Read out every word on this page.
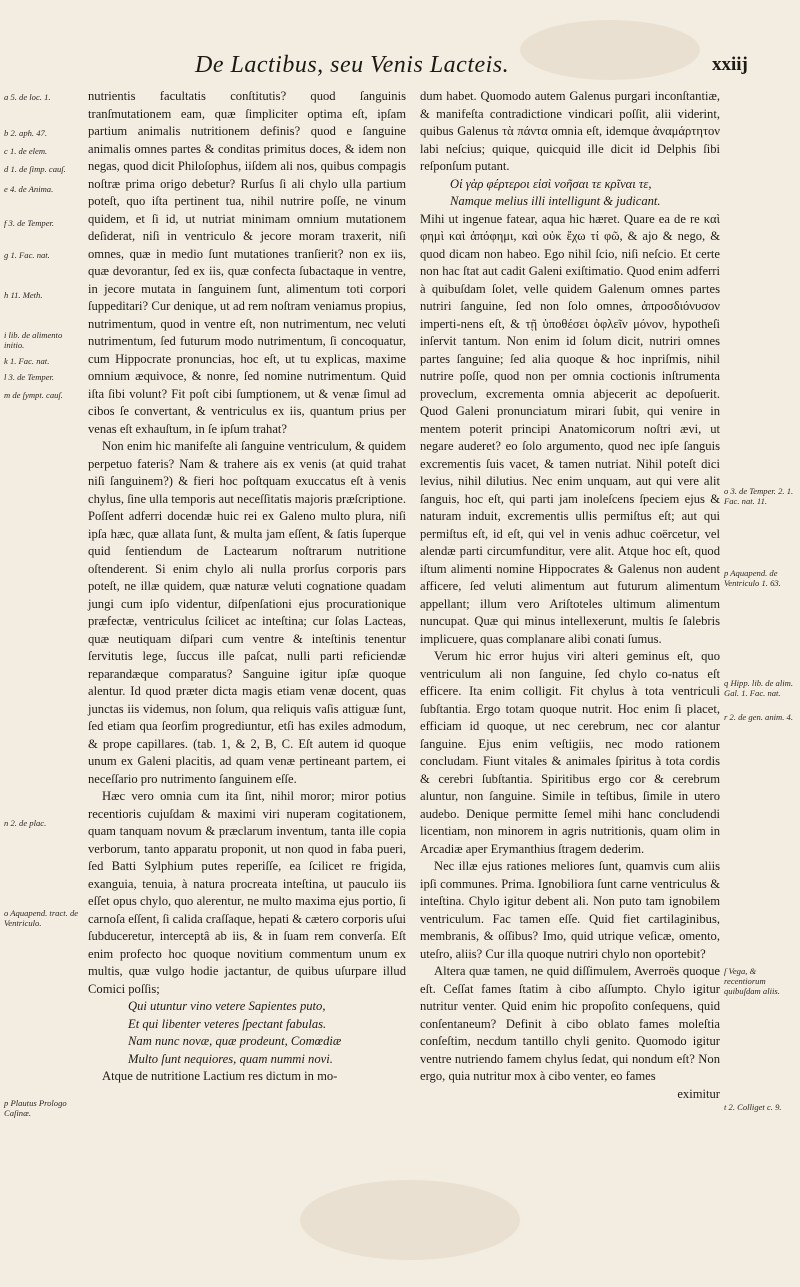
De Lactibus, seu Venis Lacteis.	xxiij
a 5. de loc. 1.
b 2. aph. 47.
c 1. de elem.
d 1. de ſimp. cauſ.
e 4. de Anima.
f 3. de Temper.
g 1. Fac. nat.
h 11. Meth.
i lib. de alimento initio.
k 1. Fac. nat.
l 3. de Temper.
m de ſympt. cauſ.
n 2. de plac.
o Aquapend. tract. de Ventriculo.
p Plautus Prologo Caſinæ.

nutrientis facultatis conſtitutis? quod ſanguinis tranſmutationem eam, quæ ſimpliciter optima eſt, ipſam partium animalis nutritionem definis? quod e ſanguine animalis omnes partes & conditas primitus doces, & idem non negas, quod dicit Philoſophus, iiſdem ali nos, quibus compagis noſtræ prima origo debetur? Rurſus ſi ali chylo ulla partium poteſt, quo iſta pertinent tua, nihil nutrire poſſe, ne vinum quidem, et ſi id, ut nutriat minimam omnium mutationem deſiderat, niſi in ventriculo & jecore moram traxerit, niſi omnes, quæ in medio ſunt mutationes tranſierit? non ex iis, quæ devorantur, ſed ex iis, quæ confecta ſubactaque in ventre, in jecore mutata in ſanguinem ſunt, alimentum toti corpori ſuppeditari? Cur denique, ut ad rem noſtram veniamus propius, nutrimentum, quod in ventre eſt, non nutrimentum, nec veluti nutrimentum, ſed futurum modo nutrimentum, ſi concoquatur, cum Hippocrate pronuncias, hoc eſt, ut tu explicas, maxime omnium æquivoce, & nonre, ſed nomine nutrimentum. Quid iſta ſibi volunt? Fit poſt cibi ſumptionem, ut & venæ ſimul ad cibos ſe convertant, & ventriculus ex iis, quantum prius per venas eſt exhauſtum, in ſe ipſum trahat?

Non enim hic manifeſte ali ſanguine ventriculum, & quidem perpetuo fateris? Nam & trahere ais ex venis (at quid trahat niſi ſanguinem?) & fieri hoc poſtquam exuccatus eſt à venis chylus, ſine ulla temporis aut neceſſitatis majoris præſcriptione. Poſſent adferri docendæ huic rei ex Galeno multo plura, niſi ipſa hæc, quæ allata ſunt, & multa jam eſſent, & ſatis ſuperque quid ſentiendum de Lactearum noſtrarum nutritione oſtenderent. Si enim chylo ali nulla prorſus corporis pars poteſt, ne illæ quidem, quæ naturæ veluti cognatione quadam jungi cum ipſo videntur, diſpenſationi ejus procurationique præfectæ, ventriculus ſcilicet ac inteſtina; cur ſolas Lacteas, quæ neutiquam diſpari cum ventre & inteſtinis tenentur ſervitutis lege, ſuccus ille paſcat, nulli parti reficiendæ reparandæque comparatus? Sanguine igitur ipſæ quoque alentur. Id quod præter dicta magis etiam venæ docent, quas junctas iis videmus, non ſolum, qua reliquis vaſis attiguæ ſunt, ſed etiam qua ſeorſim progrediuntur, etſi has exiles admodum, & prope capillares. (tab. 1, & 2, B, C. Eſt autem id quoque unum ex Galeni placitis, ad quam venæ pertineant partem, ei neceſſario pro nutrimento ſanguinem eſſe.

Hæc vero omnia cum ita ſint, nihil moror; miror potius recentioris cujuſdam & maximi viri nuperam cogitationem, quam tanquam novum & præclarum inventum, tanta ille copia verborum, tanto apparatu proponit, ut non quod in faba pueri, ſed Batti Sylphium putes reperiſſe, ea ſcilicet re frigida, exanguia, tenuia, à natura procreata inteſtina, ut pauculo iis eſſet opus chylo, quo alerentur, ne multo maxima ejus portio, ſi carnoſa eſſent, ſi calida craſſaque, hepati & cætero corporis uſui ſubduceretur, interceptâ ab iis, & in ſuam rem converſa. Eſt enim profecto hoc quoque novitium commentum unum ex multis, quæ vulgo hodie jactantur, de quibus uſurpare illud Comici poſſis;

Qui utuntur vino vetere Sapientes puto,

Et qui libenter veteres ſpectant fabulas.

Nam nunc novæ, quæ prodeunt, Comœdiæ

Multo ſunt nequiores, quam nummi novi.

Atque de nutritione Lactium res dictum in mo-

dum habet. Quomodo autem Galenus purgari inconſtantiæ, & manifeſta contradictione vindicari poſſit, alii viderint, quibus Galenus τὰ πάντα omnia eſt, idemque ἀναμάρτητον labi neſcius; quique, quicquid ille dicit id Delphis ſibi reſponſum putant.

Οἱ γὰρ φέρτεροι εἰσὶ νοῆσαι τε κρῖναι τε,

Namque melius illi intelligunt & judicant.

Mihi ut ingenue fatear, aqua hic hæret. Quare ea de re καὶ φημὶ καὶ ἀπόφημι, καὶ οὐκ ἔχω τί φῶ, & ajo & nego, & quod dicam non habeo. Ego nihil ſcio, niſi neſcio. Et certe non hac ſtat aut cadit Galeni exiſtimatio. Quod enim adferri à quibuſdam ſolet, velle quidem Galenum omnes partes nutriri ſanguine, ſed non ſolo omnes, ἀπροσδιόνυσον imperti-nens eſt, & τῇ ὑποθέσει ὀφλεῖν μόνον, hypotheſi inſervit tantum. Non enim id ſolum dicit, nutriri omnes partes ſanguine; ſed alia quoque & hoc inpriſmis, nihil nutrire poſſe, quod non per omnia coctionis inſtrumenta proveclum, excrementa omnia abjecerit ac depoſuerit. Quod Galeni pronunciatum mirari ſubit, qui venire in mentem poterit principi Anatomicorum noſtri ævi, ut negare auderet? eo ſolo argumento, quod nec ipſe ſanguis excrementis ſuis vacet, & tamen nutriat. Nihil poteſt dici levius, nihil dilutius. Nec enim unquam, aut qui vere alit ſanguis, hoc eſt, qui parti jam inoleſcens ſpeciem ejus & naturam induit, excrementis ullis permiſtus eſt; aut qui permiſtus eſt, id eſt, qui vel in venis adhuc coërcetur, vel alendæ parti circumfunditur, vere alit. Atque hoc eſt, quod iſtum alimenti nomine Hippocrates & Galenus non audent afficere, ſed veluti alimentum aut futurum alimentum appellant; illum vero Ariſtoteles ultimum alimentum nuncupat. Quæ qui minus intellexerunt, multis ſe ſalebris implicuere, quas complanare alibi conati ſumus.

Verum hic error hujus viri alteri geminus eſt, quo ventriculum ali non ſanguine, ſed chylo co-natus eſt efficere. Ita enim colligit. Fit chylus à tota ventriculi ſubſtantia. Ergo totam quoque nutrit. Hoc enim ſi placet, efficiam id quoque, ut nec cerebrum, nec cor alantur ſanguine. Ejus enim veſtigiis, nec modo rationem concludam. Fiunt vitales & animales ſpiritus à tota cordis & cerebri ſubſtantia. Spiritibus ergo cor & cerebrum aluntur, non ſanguine. Simile in teſtibus, ſimile in utero audebo. Denique permitte ſemel mihi hanc concludendi licentiam, non minorem in agris nutritionis, quam olim in Arcadiæ aper Erymanthius ſtragem dederim.

Nec illæ ejus rationes meliores ſunt, quamvis cum aliis ipſi communes. Prima. Ignobiliora ſunt carne ventriculus & inteſtina. Chylo igitur debent ali. Non puto tam ignobilem ventriculum. Fac tamen eſſe. Quid fiet cartilaginibus, membranis, & oſſibus? Imo, quid utrique veſicæ, omento, uteſro, aliis? Cur illa quoque nutriri chylo non oportebit?

Altera quæ tamen, ne quid diſſimulem, Averroës quoque eſt. Ceſſat fames ſtatim à cibo aſſumpto. Chylo igitur nutritur venter. Quid enim hic propoſito conſequens, quid conſentaneum? Definit à cibo oblato fames moleſtia conſeſtim, necdum tantillo chyli genito. Quomodo igitur ventre nutriendo famem chylus ſedat, qui nondum eſt? Non ergo, quia nutritur mox à cibo venter, eo fames

eximitur

o 3. de Temper. 2. 1. Fac. nat. 11.
p Aquapend. de Ventriculo 1. 63.
q Hipp. lib. de alim. Gal. 1. Fac. nat.
r 2. de gen. anim. 4.
ſ Vega, & recentiorum quibuſdam aliis.
t 2. Colliget c. 9.
